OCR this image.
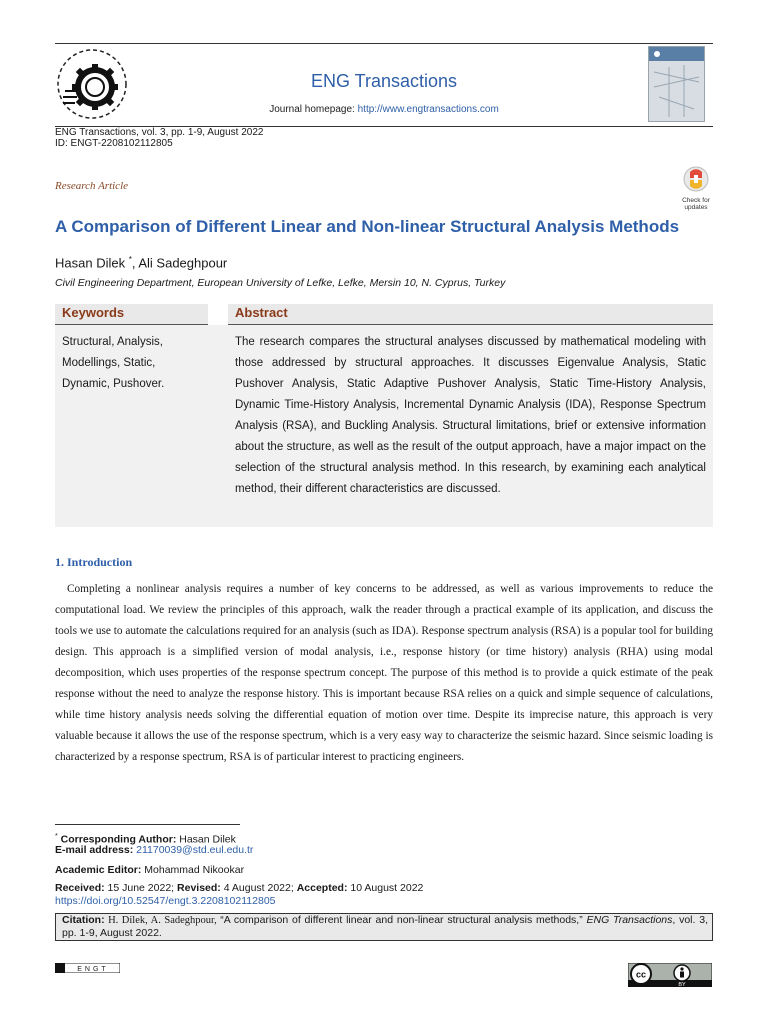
ENG Transactions
Journal homepage: http://www.engtransactions.com
ENG Transactions, vol. 3, pp. 1-9, August 2022
ID: ENGT-2208102112805
Research Article
Check for
updates
A Comparison of Different Linear and Non-linear Structural Analysis Methods
Hasan Dilek *, Ali Sadeghpour
Civil Engineering Department, European University of Lefke, Lefke, Mersin 10, N. Cyprus, Turkey
Keywords	Abstract
Structural, Analysis, Modellings, Static, Dynamic, Pushover.
The research compares the structural analyses discussed by mathematical modeling with those addressed by structural approaches. It discusses Eigenvalue Analysis, Static Pushover Analysis, Static Adaptive Pushover Analysis, Static Time-History Analysis, Dynamic Time-History Analysis, Incremental Dynamic Analysis (IDA), Response Spectrum Analysis (RSA), and Buckling Analysis. Structural limitations, brief or extensive information about the structure, as well as the result of the output approach, have a major impact on the selection of the structural analysis method. In this research, by examining each analytical method, their different characteristics are discussed.
1. Introduction
Completing a nonlinear analysis requires a number of key concerns to be addressed, as well as various improvements to reduce the computational load. We review the principles of this approach, walk the reader through a practical example of its application, and discuss the tools we use to automate the calculations required for an analysis (such as IDA). Response spectrum analysis (RSA) is a popular tool for building design. This approach is a simplified version of modal analysis, i.e., response history (or time history) analysis (RHA) using modal decomposition, which uses properties of the response spectrum concept. The purpose of this method is to provide a quick estimate of the peak response without the need to analyze the response history. This is important because RSA relies on a quick and simple sequence of calculations, while time history analysis needs solving the differential equation of motion over time. Despite its imprecise nature, this approach is very valuable because it allows the use of the response spectrum, which is a very easy way to characterize the seismic hazard. Since seismic loading is characterized by a response spectrum, RSA is of particular interest to practicing engineers.
* Corresponding Author: Hasan Dilek
E-mail address: 21170039@std.eul.edu.tr
Academic Editor: Mohammad Nikookar
Received: 15 June 2022; Revised: 4 August 2022; Accepted: 10 August 2022
https://doi.org/10.52547/engt.3.2208102112805
Citation: H. Dilek, A. Sadeghpour, “A comparison of different linear and non-linear structural analysis methods,” ENG Transactions, vol. 3, pp. 1-9, August 2022.
ENGT	cc
BY
